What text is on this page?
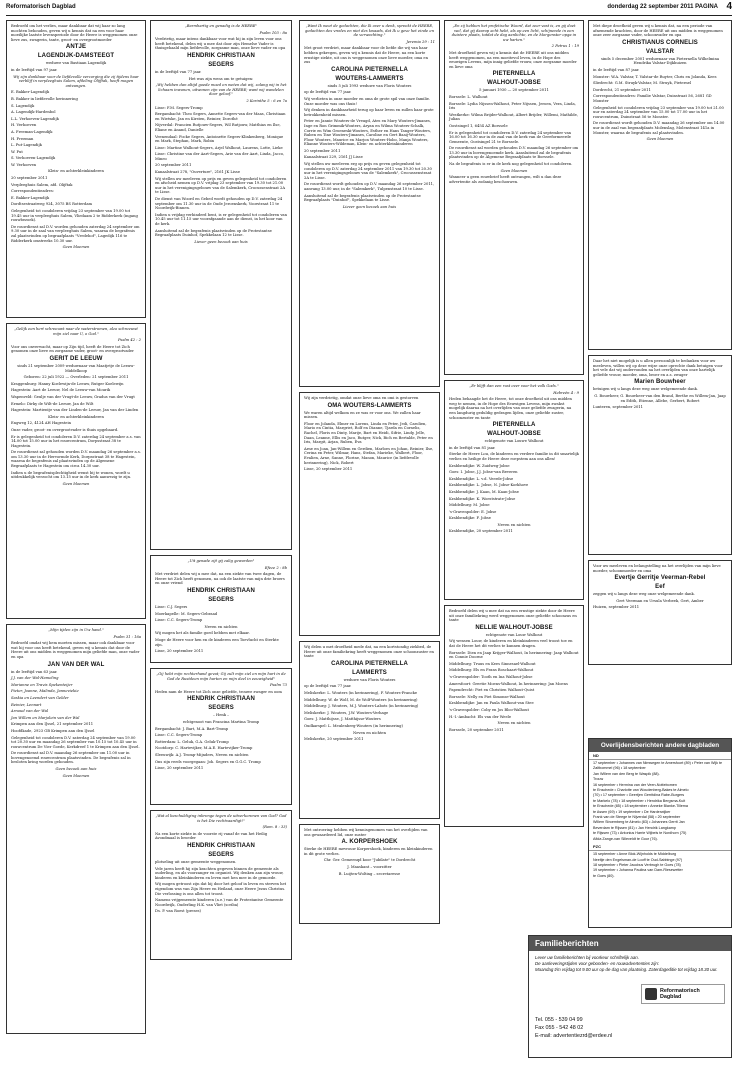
Reformatorisch Dagblad	donderdag 22 september 2011 PAGINA 4

Bedroefd om het verlies, maar dankbaar dat wij haar zo lang mochten behouden, geven wij u kennis dat na een voor haar moeilijke laatste levensperiode door de Heere is weggenomen onze lieve zus, zwagerin, tante, groot- en overgrootmoeder

ANTJE

LAGENDIJK-DAMSTEEGT

weduwe van Bastiaan Lagendijk

in de leeftijd van 97 jaar.

Wij zijn dankbaar voor de liefdevolle verzorging die zij tijdens haar verblijf in verpleeghuis Salem, afdeling Olijftak, heeft mogen ontvangen.

E. Bakker-Lagendijk

B. Bakker in liefdevolle herinnering

S. Lagendijk

A. Lagendijk-Hardenbol

L.L. Verhoeven-Lagendijk

H. Verhoeven

A. Freeman-Lagendijk

H. Freeman

L. Put-Lagendijk

W. Put

S. Verhoeven-Lagendijk

W. Verhoeven

Klein- en achterkleinkinderen

20 september 2011

Verpleeghuis Salem, afd. Olijftak

Correspondentieadres:

E. Bakker-Lagendijk

Dordtsestraatweg 924, 3075 BS Rotterdam

Gelegenheid tot condoleren vrijdag 23 september van 19.00 tot 19.45 uur in verpleeghuis Salem, Vliedaam 2 te Ridderkerk (ingang rouwbezoek).

De rouwdienst zal D.V. worden gehouden zaterdag 24 september om 9.30 uur in de zaal van verpleeghuis Salem, waarna de begrafenis zal plaatsvinden op begraafplaats "Vredehof", Lagedijk 116 te Ridderkerk omstreeks 10.30 uur.

Geen bloemen

„Gelijk een hert schreeuwt naar de waterstromen, alzo schreeuwt mijn ziel naar U, o God."

Psalm 42 : 2

Voor ons onverwacht, maar op Zijn tijd, heeft de Heere tot Zich genomen onze lieve en zorgzame vader, groot- en overgrootvader

GERIT DE LEEUW

sinds 21 september 2009 weduwnaar van Maatjetje de Leeuw-Middelkoop

Geboren: 22 juli 1922 — Overleden: 21 september 2011

Kraggenburg: Hanny Koelewijn-de Leeuw, Rutger Koelewijn

Hagestein: Aart de Leeuw, Nel de Leeuw-van Mourik

Wapenveld: Geulje van der Vrugt-de Leeuw, Gradus van der Vrugt

Ermelo: Dirky de Wilt-de Leeuw, Jan de Wilt

Hagestein: Martientje van der Linden-de Leeuw, Jan van der Linden

Klein- en achterkleinkinderen

Engweg 12, 4124 AH Hagestein

Onze vader, groot- en overgrootvader is thuis opgebaard.

Er is gelegenheid tot condoleren D.V. zaterdag 24 september a.s. van 14.00 tot 15.00 uur in het rouwcentrum, Dorpsstraat 38 te Hagestein.

De rouwdienst zal gehouden worden D.V. maandag 26 september a.s. om 13.30 uur in de Hervormde Kerk, Dorpsstraat 38 te Hagestein, waarna de begrafenis zal plaatsvinden op de Algemene Begraafplaats te Hagestein om circa 14.30 uur.

Indien u de begrafenisplechtigheid wenst bij te wonen, wordt u uitdrukkelijk verzocht om 13.15 uur in de kerk aanwezig te zijn.

Geen bloemen

„Mijn tijden zijn in Uw hand."

Psalm 31 : 16a

Bedroefd omdat wij hem moeten missen, maar ook dankbaar voor wat hij voor ons heeft betekend, geven wij u kennis dat door de Heere uit ons midden is weggenomen mijn geliefde man, onze vader en opa

JAN VAN DER WAL

in de leeftijd van 63 jaar.

J.J. van der Wal-Hameling

Marianne en Travis Spekenteijer

Pieter, Joanne, Malinda, Janneviekie

Saskia en Leendert van Gelder

Reinier, Lennart

Arnoud van der Wal

Jan Willem en Marjolein van der Wal

Krimpen aan den IJssel, 21 september 2011

Hoofdkade, 2923 GB Krimpen aan den IJssel

Gelegenheid tot condoleren D.V. zaterdag 24 september van 19.00 tot 20.30 uur en maandag 26 september van 10.15 tot 10.45 uur in rouwcentrum De Vier Goede, Kerkdreef 1 te Krimpen aan den IJssel.

De rouwdienst zal D.V. maandag 26 september om 11.00 uur in bovengenoemd rouwcentrum plaatsvinden. De begrafenis zal in besloten kring worden gehouden.

Geen bezoek aan huis

Geen bloemen

„Barmhartig en genadig is de HEERE"

Psalm 103 : 8a

Verdrietig, maar intens dankbaar voor wat hij in zijn leven voor ons heeft betekend, delen wij u mee dat door zijn Hemelse Vader is thuisgehaald mijn liefdevolle, zorgzame man, onze lieve vader en opa

HENDRIK CHRISTIAAN

SEGERS

in de leeftijd van 77 jaar.

Het was zijn wens om te getuigen:

„Wij hebben dan altijd goede moed en weten dat wij, zolang wij in het lichaam inwonen, uitwonen zijn van de HEERE; want wij wandelen door geloof."

2 Korinthe 5 : 6 en 7a

Lisse: F.M. Segers-Tromp

Bergambacht: Theo Segers, Annette Segers-van der Maas, Christiaan en Wietske, Jan en Kirsten, Reinier, Dorothé

Nijverdal: Francien Rutjouw-Segers, Wil Rutjouw, Matthias en Ilse, Eliane en Anand, Danielle

Veenendaal: Focke Segers, Antoinette Segers-Klinkenberg, Monique en Mark, Stephan, Mark, Robin

Lisse: Martine Walhout-Segers, Arjel Walhout, Laurens, Lotte, Lieke

Lisse: Christine van der Aart-Segers, Arie van der Aart, Linda, Jacco, Mineo

20 september 2011

Kanaalstraat 278, "Ouverture", 2161 JK Lisse

Wij stellen uw meeleven op prijs en geven gelegenheid tot condoleren en afscheid nemen op D.V. vrijdag 23 september van 19.30 tot 21.00 uur in het verenigingsgebouw van de Salemkerk, Crocussenstraat 2A te Lisse.

De dienst van Woord en Gebed wordt gehouden op D.V. zaterdag 24 september om 11.30 uur in de Oude Jeroenskerk, Voorstraat 11 te Noordwijk-Binnen.

Indien u vrijdag verhinderd bent, is er gelegenheid tot condoleren van 10.45 uur tot 11.15 uur voorafgaande aan de dienst, in het koor van de kerk.

Aansluitend zal de begrafenis plaatsvinden op de Protestantse Begraafplaats Duinhof, Spekkelaan 12 te Lisse.

Liever geen bezoek aan huis

„Uit genade zijt gij zalig geworden"

Efeze 2 : 8b

Met verdriet delen wij u mee dat, na een ziekte van twee dagen, de Heere tot Zich heeft genomen, na ook de laatste van mijn drie broers en onze vriend

HENDRIK CHRISTIAAN

SEGERS

Lisse: C.J. Segers

Moerkapelle: M. Segers-Gebraad

Lisse: C.C. Segers-Tromp

Neven en nichten

Wij mogen het als familie goed hebben met elkaar.

Moge de Heere voor hen en de kinderen een Toevlucht en Sterkte zijn.

Lisse, 20 september 2011

„Gij hebt mijn rechterhand gevat; Gij zult mijn ziel en mijn hart in de God de Rustdeen mijn harten en mijn deel in eeuwigheid"

Psalm 73

Heden nam de Heere tot Zich onze geliefde, trouwe zwager en oom

HENDRIK CHRISTIAAN

SEGERS

– Henk –

echtgenoot van Francina Martina Tromp

Bergambacht: J. Bart, M.A. Bart-Tromp

Lisse: C.C. Segers-Tromp

Rotterdam: L. Geluk, G.A. Geluk-Tromp

Nootdorp: C. Hartevijker, M.A.E. Hartevijker-Tromp

Sleeuwijk: A.J. Tromp-Mijnders, Neven en nichten

Ons zijn reeds voorgegaan: Joh. Segers en G.G.C. Tromp

Lisse, 20 september 2011

„Wat al beschuldiging inbrenge tegen de uitverkorenen van God? God is het Die rechtvaardigt!"

(Rom. 8 : 33)

Na een korte ziekte in de voorste rij vanaf de van het Heilig Avondmaal is broeder

HENDRIK CHRISTIAAN

SEGERS

plotseling uit onze gemeente weggenomen.

Vele jaren heeft hij zijn krachten gegeven binnen de gemeente als ouderling, en als voorzanger en organist. Wij denken aan zijn vrouw, kinderen en kleinkinderen en leven met hen mee in de gemoede.

Wij mogen getroost zijn dat hij door het geloof in leven en sterven het eigendom was van Zijn Heere en Heiland, onze Heere Jezus Christus. Die verlossing is ons allen tot troost.

Namens vrijgemeente kinderen (a.e.) van de Protestantse Gemeente Noordwijk, Ouderling H.K. van Vliet (scriba)

Ds. P. van Roest (preses)

„Want Ik weet de gedachten, die Ik over u denk, spreekt de HEERE, gedachten des vredes en niet des kwaads, dat Ik u geve het einde en de verwachting."

Jeremia 29 : 11

Met groot verdriet, maar dankbaar voor de liefde die wij van haar hebben gekregen, geven wij u kennis dat de Heere, na een korte ernstige ziekte, uit ons is weggenomen onze lieve moeder, oma en zus

CAROLINA PIETERNELLA

WOUTERS-LAMMERTS

sinds 5 juli 1993 weduwe van Floris Wouters

op de leeftijd van 77 jaar.

Wij verlieten in onze moeder en oma de grote spil van onze familie. Onze moeder was ons thuis!

Wij denken in dankbaarheid terug op haar leven en zullen haar grote betrokkenheid missen.

Peter en Jannie Wouters-de Vreugd, Ates en Mary Wouters-Jimanes, Inge en Ron Grimmik-Wouters, Aryan en Wilma Wouters-Schalk, Corrie en Wim Groeneski-Wouters, Esther en Hans Tanger-Wouters, Ruben en Tine Wouters-Jimanes, Caroline en Gert Baaij-Wouters, Floor Wouters, Maurice en Marjon Wouters-Hobo, Manja Wouters, Elianne Wouters-Wildeman, Klein- en achterkleinkinderen

20 september 2011

Kanaalstraat 229, 2161 JJ Lisse

Wij stellen uw meeleven erg op prijs en geven gelegenheid tot condoleren op D.V. zaterdag 24 september 2011 van 19.30 tot 20.30 uur in het verenigingsgebouw van de "Salemkerk", Crocussenstraat 2A te Lisse.

De rouwdienst wordt gehouden op D.V. maandag 26 september 2011, aanvang 13.00 uur, in de "Salemkerk", Tulpenstraat 10 te Lisse.

Aansluitend zal de begrafenis plaatsvinden op de Protestantse Begraafplaats "Duinhof", Spekkelaan te Lisse.

Liever geen bezoek aan huis

Wij zijn verdrietig, omdat onze lieve oma en omi is gestorven

OMA WOUTERS-LAMMERTS

We waren altijd welkom en ze was er voor ons. We zullen haar missen.

Floor en Jolanda, Elmer en Lorens, Linda en Peter, Jedi, Carolien, Mario en Cintia, Margriet, Rolf en Dianne, Tjarda en Cornelis, Rachel, Floris en Dinty, Marije, Bart en Heidi, Sifrie, Lindy, Jelle, Daan, Leanne, Ellis en Jaco, Rutger, Nick, Bich en Bertalde, Peter en Iris, Margit, Arjan, Ruben, Eva

Arne en Joan, Jan-Willem en Gerdien, Marloes en Johan, Reinier, Ilse, Cerina en Peter, Wilmar, Hans, Stefan, Marieke, Walbert, Floor, Evalien, Arne, Sanne, Florine, Manon, Maurice (in liefdevolle herinnering), Nick, Robert

Lisse, 20 september 2011

Wij delen u met droefheid mede dat, na een kortstondig ziekbed, de Heere uit onze familiekring heeft weggenomen onze schoonzuster en tante

CAROLINA PIETERNELLA

LAMMERTS

weduwe van Floris Wouters

op de leeftijd van 77 jaar.

Meliskerke: L. Wouters (in herinnering), F. Wouters-Francke

Middelburg: W. de Wolf, M. de Wolf-Wouters (in herinnering)

Middelburg: J. Wouters, M.J. Wouters-Labots (in herinnering)

Meliskerke: J. Wouters, J.W. Wouters-Verhage

Goes: J. Matthijsse, J. Matthijsse-Wouters

Oudkarspel: L. Meulenberg-Wouters (in herinnering)

Neven en nichten

Meliskerke, 20 september 2011

Met ontroering hebben wij kennisgenomen van het overlijden van ons gewaardeerd lid, onze zuster

A. KORPERSHOEK

Sterke de HEERE mevrouw Korpershoek, kinderen en kleinkinderen in dit grote verlies.

Chr. Ger. Gemeenqd koor "Jubilate" te Dordrecht

J. Maaskant – voorzitter

B. Luijten-Wolting – secretaresse

„En zij hebben het profetische Woord, dat zeer vast is, en gij doet wel, dat gij daarop acht hebt, als op een licht, schijnende in een duistere plaats, totdat de dag aanlichte, en de Morgenster opga in uw harten."

2 Petrus 1 : 19

Met droefheid geven wij u kennis dat de HEERE uit ons midden heeft weggenomen, na een moeitevol leven, in de Hope des eeuwigen Levens, mijn innig geliefde vrouw, onze zorgzame moeder en lieve oma

PIETERNELLA

WALHOUT-JOBSE

5 januari 1930 — 20 september 2011

Borssele: L. Walhout

Borssele: Lydia Nijssen-Walhout, Peter Nijssen, Jeroen, Vera, Linda, Iris

Westkerke: Wilma Brijder-Walhout, Albert Brijder, Willemi, Mathilde, Julian

Oostsingel 1, 6454 AZ Borssele

Er is gelegenheid tot condoleren D.V. zaterdag 24 september van 16.00 tot 16.30 uur in de zaal van de kerk van de Gereformeerde Gemeente, Oostsingel 21 te Borssele.

De rouwdienst zal worden gehouden D.V. maandag 26 september om 13.30 uur in bovengenoemde kerk. Aansluitend zal de begrafenis plaatsvinden op de Algemene Begraafplaats te Borssele.

Na de begrafenis is er in de kerk nog gelegenheid tot condoleren.

Geen bloemen

Wanneer u geen rouwbrief heeft ontvangen, wilt u dan deze advertentie als zodanig beschouwen.

„Er blijft dan een rust over voor het volk Gods."

Hebreën 4 : 9

Heden behaagde het de Heere, tot onze droefheid uit ons midden weg te nemen, in de Hope des Eeuwigen Levens, mijn zwakst mogelijk daarna na het overlijden van onze geliefde zwagerin, na een langdurig geduldig gedragen lijden, onze geliefde zuster, schoonzuster en tante

PIETERNELLA

WALHOUT-JOBSE

echtgenote van Louwe Walhout

in de leeftijd van 81 jaar.

Sterke de Heere Lou, de kinderen en verdere familie in dit smartelijk verlies en heilige de Heere deze roepstem aan ons allen!

Krabbendijke: W. Zuidweg-Jobse

Goes: I. Jobse, J.J. Jobse-van Beveren

Krabbendijke: L. v.d. Veerde-Jobse

Krabbendijke: L. Jobse, N. Jobse-Korkhove

Krabbendijke: J. Kaan, M. Kaan-Jobse

Krabbendijke: K. Woeststrate-Jobse

Middelburg: M. Jobse

's-Gravenpolder: E. Jobse

Krabbendijke: F. Jobse

Neven en nichten

Krabbendijke, 20 september 2011

Bedroefd delen wij u mee dat na een ernstige ziekte door de Heere uit onze familiekring werd weggenomen onze geliefde schoonzus en tante

NELLIE WALHOUT-JOBSE

echtgenote van Louw Walhout

Wij wensen Louw, de kinderen en kleinkinderen veel troost toe en dat de Heere het dit verlies te kunnen dragen.

Borssele: Dien en Jaap Krijger-Walhout, In herinnering: Jaap Walhout en Connie Doorne

Middelburg: Truus en Kees Sinnesael-Walhout

Middelburg: Els en Frans Boschaart-Walhout

's-Gravenpolder: Tooth en Ina Walhout-Jobse

Amersfoort: Greetie Moens-Walhout, In herinnering: Jan Moens

Papendrecht: Piet en Christien Walhout-Quist

Borssele: Nelly en Piet Simonse-Walhout

Krabbendijke: Jan en Paula Walhout-van Stee

's-Gravenpolder: Coby en Jos Bloo-Walhout

H.-I.-Ambacht: Els van der Weele

Neven en nichten

Borssele, 20 september 2011

Met diepe droefheid geven wij u kennis dat, na een periode van afnemende krachten, door de HEERE uit ons midden is weggenomen onze zeer zorgzame vader, schoonvader en opa

CHRISTIANUS CORNELIS

VALSTAR

sinds 5 december 2001 weduwnaar van Pieternella Wilhelmina Hendrika Valstar-Dijkhuizen

in de leeftijd van 87 jaar.

Monster: W.A. Valstar, T. Valstar-de Ruyter, Chris en Jolanda, Kees

Sliedrecht: G.M. Struyk-Valstar, M. Struyk, Pieternel

Dordrecht, 21 september 2011

Correspondentieadres: Familie Valstar, Duinstraat 56, 2681 GD Monster

Gelegenheid tot condoleren vrijdag 23 september van 19.00 tot 21.00 uur en zaterdag 24 september van 15.00 tot 17.00 uur in het rouwcentrum, Duinstraat 56 te Monster.

De rouwdienst wordt gehouden D.V. maandag 26 september om 14.00 uur in de zaal van begraafplaats Molenslag, Molenstraat 141a in Monster, waarna de begrafenis zal plaatsvinden.

Geen bloemen

Daar het niet mogelijk is u allen persoonlijk te bedanken voor uw meeleven, willen wij op deze wijze onze oprechte dank betuigen voor het vele dat wij ondervonden na het overlijden van onze hartelijk geliefde vrouw, moeder, oma, broer en a.s. zwager

Marien Bouwheer

betuigen wij u langs deze weg onze welgemeende dank.

G. Bouwheer, G. Bouwheer-van den Brand, Berthe en Willem-Jan, Jaap en Edith, Etienne, Allebe, Gerbert, Robert

Lunteren, september 2011

Voor uw meeleven en belangstelling na het overlijden van mijn lieve moeder, schoonmoeder en oma

Evertje Gerritje Veerman-Rebel

Eef

zeggen wij u langs deze weg onze welgemeende dank.

Gert Veerman en Ursula Verbeek, Gert, Amber

Huizen, september 2011

Overlijdensberichten andere dagbladen
ND
17 september • Johannes van Nimwegen te Amersfoort (89) • Peter van Wijk te Zaltbommel (96) • 18 september
Jan Willem van den Berg te Waspik (88).
Trouw
16 september • Hermina van der Veen-Nottebomen
te Enschede • Charlotte van Woudenberg-Bakes te Almelo
(70) • 17 september • Geertjen Gerritdina Rabe-Burgers
te Markelo (78) • 18 september • Hendrika Bergsma-Kuit
te Enschede (85) • 18 september • Anneke Blanke-Tillema
te Assen (69) • 19 september • De Harderwijker
Frank van de Steege te Nijverdal (58) • 20 september
Willem Stroemberg te Almelo (83) • Johannes Gerrit Jan
Beverdam te Rijssen (81) • Jan Hendrik Langkamp
te Rijssen (73) • Antonius Harrie Wijbels te Nordhorn (75)
Afida Zange-van Silleveldt te Goor (76).
PZC
15 september • Anne Blok-Wijnholds te Middelburg
Neeltje den Engelsman-de Looff te Oud-Sabbinge (97)
18 september • Pieter Jacobus Verbrugh te Goes (78)
19 september • Johanna Paulina van Dam-Riesewetter
te Goes (80).
Familieberichten
Lever uw familieberichten bij voorkeur schriftelijk aan.
De aanleveringstijden voor gebonden- en rouwadvertenties zijn:
Maandag t/m vrijdag tot 9.00 uur op de dag van plaatsing. Zaterdageditie tot vrijdag 18.30 uur.
Reformatorisch Dagblad
Tel. 055 - 539 04 99
Fax 055 - 542 48 02
E-mail: advertentiezrd@erdee.nl
